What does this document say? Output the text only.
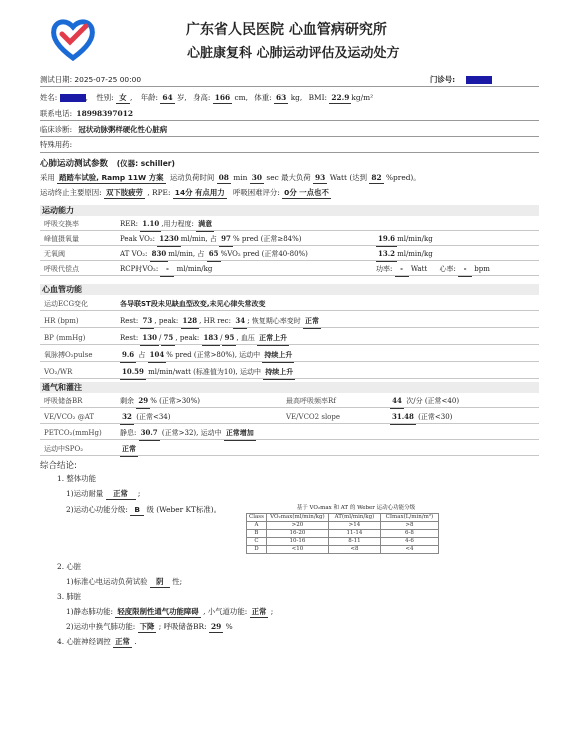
广东省人民医院 心血管病研究所
心脏康复科 心肺运动评估及运动处方
测试日期: 2025-07-25 00:00	门诊号:
姓名:	, 性别: 女 , 年龄: 64 岁, 身高: 166 cm, 体重: 63 kg, BMI: 22.9 kg/m²
联系电话: 18998397012
临床诊断: 冠状动脉粥样硬化性心脏病
特殊用药:
心肺运动测试参数 (仪器: schiller)
采用 踏踏车试验, Ramp 11W 方案 运动负荷时间 08 min 30 sec 最大负荷 93 Watt (达到 82 %pred)。
运动终止主要原因: 双下肢疲劳 , RPE: 14分 有点用力 呼吸困难评分: 0分 一点也不
运动能力
呼吸交换率	RER: 1.10 ,用力程度: 满意
峰值摄氧量	Peak VO₂: 1230 ml/min, 占 97 % pred (正常≥84%)	19.6 ml/min/kg
无氧阈	AT VO₂: 830 ml/min, 占 65 %VO₂ pred (正常40-80%)	13.2 ml/min/kg
呼吸代偿点	RCP时VO₂: - ml/min/kg	功率: - Watt 心率: - bpm
心血管功能
运动ECG变化	各导联ST段未见缺血型改变,未见心律失常改变
HR (bpm)	Rest: 73 , peak: 128 , HR rec: 34 ; 恢复期心率变时 正常
BP (mmHg)	Rest: 130 / 75 , peak: 183 / 95 , 血压 正常上升
氧脉搏O₂pulse	9.6 占 104 % pred (正常>80%), 运动中 持续上升
VO₂/WR	10.59 ml/min/watt (标准值为10), 运动中 持续上升
通气和灌注
呼吸储备BR	剩余 29 % (正常>30%)	最高呼吸频率Rf	44 次/分 (正常<40)
VE/VCO₂ @AT	32 (正常<34)	VE/VCO2 slope	31.48 (正常<30)
PETCO₂(mmHg)	静息: 30.7 (正常>32), 运动中 正常增加
运动中SPO₂	正常
综合结论:
1. 整体功能
1)运动耐量 正常 ;
2)运动心功能分级: B 级 (Weber KT标准)。	基于 VO₂max 和 AT 的 Weber 运动心功能分级
Class	VO₂max(ml/min/kg)	AT(ml/min/kg)	CImax(L/min/m²)
A	>20	>14	>8
B	16-20	11-14	6-8
C	10-16	8-11	4-6
D	<10	<8	<4
2. 心脏
1)标准心电运动负荷试验 阴 性;
3. 肺脏
1)静态肺功能: 轻度限制性通气功能障碍 , 小气道功能: 正常 ;
2)运动中换气肺功能: 下降 ; 呼吸储备BR: 29 %
4. 心脏神经调控 正常 .
